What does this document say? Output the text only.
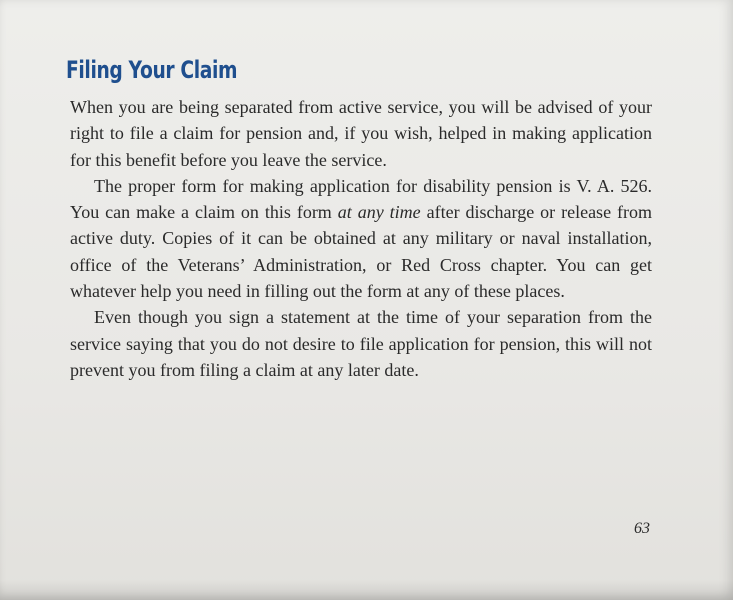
Filing Your Claim

When you are being separated from active service, you will be advised of your right to file a claim for pension and, if you wish, helped in making application for this benefit before you leave the service.

The proper form for making application for disability pension is V. A. 526. You can make a claim on this form at any time after discharge or release from active duty. Copies of it can be obtained at any military or naval installation, office of the Veterans’ Administration, or Red Cross chapter. You can get whatever help you need in filling out the form at any of these places.

Even though you sign a statement at the time of your separation from the service saying that you do not desire to file application for pension, this will not prevent you from filing a claim at any later date.

63
